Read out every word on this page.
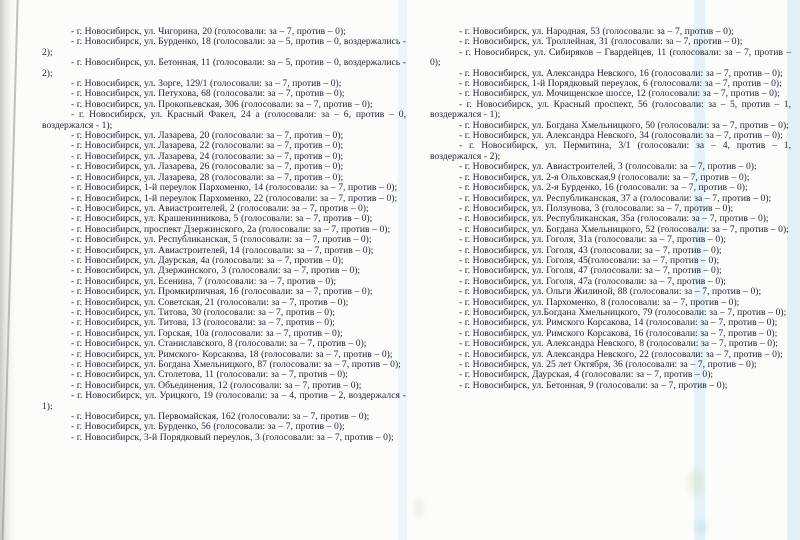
- г. Новосибирск, ул. Чигорина, 20 (голосовали: за – 7, против – 0);

- г. Новосибирск, ул. Бурденко, 18 (голосовали: за – 5, против – 0, воздержались - 2);

- г. Новосибирск, ул. Бетонная, 11 (голосовали: за – 5, против – 0, воздержались - 2);

- г. Новосибирск, ул. Зорге, 129/1 (голосовали: за – 7, против – 0);

- г. Новосибирск, ул. Петухова, 68 (голосовали: за – 7, против – 0);

- г. Новосибирск, ул. Прокопьевская, 306 (голосовали: за – 7, против – 0);

- г. Новосибирск, ул. Красный Факел, 24 а (голосовали: за – 6, против – 0, воздержался - 1);

- г. Новосибирск, ул. Лазарева, 20 (голосовали: за – 7, против – 0);

- г. Новосибирск, ул. Лазарева, 22 (голосовали: за – 7, против – 0);

- г. Новосибирск, ул. Лазарева, 24 (голосовали: за – 7, против – 0);

- г. Новосибирск, ул. Лазарева, 26 (голосовали: за – 7, против – 0);

- г. Новосибирск, ул. Лазарева, 28 (голосовали: за – 7, против – 0);

- г. Новосибирск, 1-й переулок Пархоменко, 14 (голосовали: за – 7, против – 0);

- г. Новосибирск, 1-й переулок Пархоменко, 22 (голосовали: за – 7, против – 0);

- г. Новосибирск, ул. Авиастроителей, 2 (голосовали: за – 7, против – 0);

- г. Новосибирск, ул. Крашенинникова, 5 (голосовали: за – 7, против – 0);

- г. Новосибирск, проспект Дзержинского, 2а (голосовали: за – 7, против – 0);

- г. Новосибирск, ул. Республиканская, 5 (голосовали: за – 7, против – 0);

- г. Новосибирск, ул. Авиастроителей, 14 (голосовали: за – 7, против – 0);

- г. Новосибирск, ул. Даурская, 4а (голосовали: за – 7, против – 0);

- г. Новосибирск, ул. Дзержинского, 3 (голосовали: за – 7, против – 0);

- г. Новосибирск, ул. Есенина, 7 (голосовали: за – 7, против – 0);

- г. Новосибирск, ул. Промкирпичная, 16 (голосовали: за – 7, против – 0);

- г. Новосибирск, ул. Советская, 21 (голосовали: за – 7, против – 0);

- г. Новосибирск, ул. Титова, 30 (голосовали: за – 7, против – 0);

- г. Новосибирск, ул. Титова, 13 (голосовали: за – 7, против – 0);

- г. Новосибирск, ул. Горская, 10а (голосовали: за – 7, против – 0);

- г. Новосибирск, ул. Станиславского, 8 (голосовали: за – 7, против – 0);

- г. Новосибирск, ул. Римского- Корсакова, 18 (голосовали: за – 7, против – 0);

- г. Новосибирск, ул. Богдана Хмельницкого, 87 (голосовали: за – 7, против – 0);

- г. Новосибирск, ул. Столетова, 11 (голосовали: за – 7, против – 0);

- г. Новосибирск, ул. Объединения, 12 (голосовали: за – 7, против – 0);

- г. Новосибирск, ул. Урицкого, 19 (голосовали: за – 4, против – 2, воздержался - 1);

- г. Новосибирск, ул. Первомайская, 162 (голосовали: за – 7, против – 0);

- г. Новосибирск, ул. Бурденко, 56 (голосовали: за – 7, против – 0);

- г. Новосибирск, 3-й Порядковый переулок, 3 (голосовали: за – 7, против – 0);

- г. Новосибирск, ул. Народная, 53 (голосовали: за – 7, против – 0);

- г. Новосибирск, ул. Троллейная, 31 (голосовали: за – 7, против – 0);

- г. Новосибирск, ул. Сибиряков – Гвардейцев, 11 (голосовали: за – 7, против – 0);

- г. Новосибирск, ул. Александра Невского, 16 (голосовали: за – 7, против – 0);

- г. Новосибирск, 1-й Порядковый переулок, 6 (голосовали: за – 7, против – 0);

- г. Новосибирск, ул. Мочищенское шоссе, 12 (голосовали: за – 7, против – 0);

- г. Новосибирск, ул. Красный проспект, 56 (голосовали: за – 5, против – 1, воздержался - 1);

- г. Новосибирск, ул. Богдана Хмельницкого, 50 (голосовали: за – 7, против – 0);

- г. Новосибирск, ул. Александра Невского, 34 (голосовали: за – 7, против – 0);

- г. Новосибирск, ул. Пермитина, 3/1 (голосовали: за – 4, против – 1, воздержался - 2);

- г. Новосибирск, ул. Авиастроителей, 3 (голосовали: за – 7, против – 0);

- г. Новосибирск, ул. 2-я Ольховская,9 (голосовали: за – 7, против – 0);

- г. Новосибирск, ул. 2-я Бурденко, 16 (голосовали: за – 7, против – 0);

- г. Новосибирск, ул. Республиканская, 37 а (голосовали: за – 7, против – 0);

- г. Новосибирск, ул. Ползунова, 3 (голосовали: за – 7, против – 0);

- г. Новосибирск, ул. Республиканская, 35а (голосовали: за – 7, против – 0);

- г. Новосибирск, ул. Богдана Хмельницкого, 52 (голосовали: за – 7, против – 0);

- г. Новосибирск, ул. Гоголя, 31а (голосовали: за – 7, против – 0);

- г. Новосибирск, ул. Гоголя, 43 (голосовали: за – 7, против – 0);

- г. Новосибирск, ул. Гоголя, 45(голосовали: за – 7, против – 0);

- г. Новосибирск, ул. Гоголя, 47 (голосовали: за – 7, против – 0);

- г. Новосибирск, ул. Гоголя, 47а (голосовали: за – 7, против – 0);

- г. Новосибирск, ул. Ольги Жилиной, 88 (голосовали: за – 7, против – 0);

- г. Новосибирск, ул. Пархоменко, 8 (голосовали: за – 7, против – 0);

- г. Новосибирск, ул.Богдана Хмельницкого, 79 (голосовали: за – 7, против – 0);

- г. Новосибирск, ул. Римского Корсакова, 14 (голосовали: за – 7, против – 0);

- г. Новосибирск, ул. Римского Корсакова, 16 (голосовали: за – 7, против – 0);

- г. Новосибирск, ул. Александра Невского, 8 (голосовали: за – 7, против – 0);

- г. Новосибирск, ул. Александра Невского, 22 (голосовали: за – 7, против – 0);

- г. Новосибирск, ул. 25 лет Октября, 36 (голосовали: за – 7, против – 0);

- г. Новосибирск, Даурская, 4 (голосовали: за – 7, против – 0);

- г. Новосибирск, ул. Бетонная, 9 (голосовали: за – 7, против – 0);
